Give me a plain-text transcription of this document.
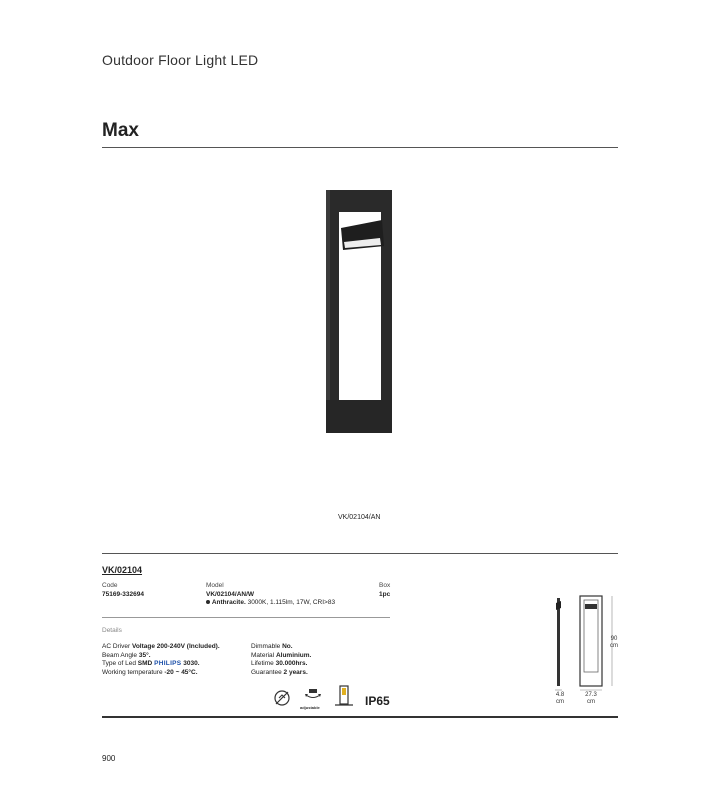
Outdoor Floor Light LED
Max
VK/02104/AN
VK/02104
Code
75169-332694
Model
VK/02104/AN/W
Anthracite. 3000K, 1.115lm, 17W, CRI>83
Box
1pc
Details
AC Driver Voltage 200-240V (Included).
Beam Angle 35°.
Type of Led SMD PHILIPS 3030.
Working temperature -20 ~ 45°C.
Dimmable No.
Material Aluminium.
Lifetime 30.000hrs.
Guarantee 2 years.
adjustable	IP65
90
cm
4.8
cm
27.3
cm
900
